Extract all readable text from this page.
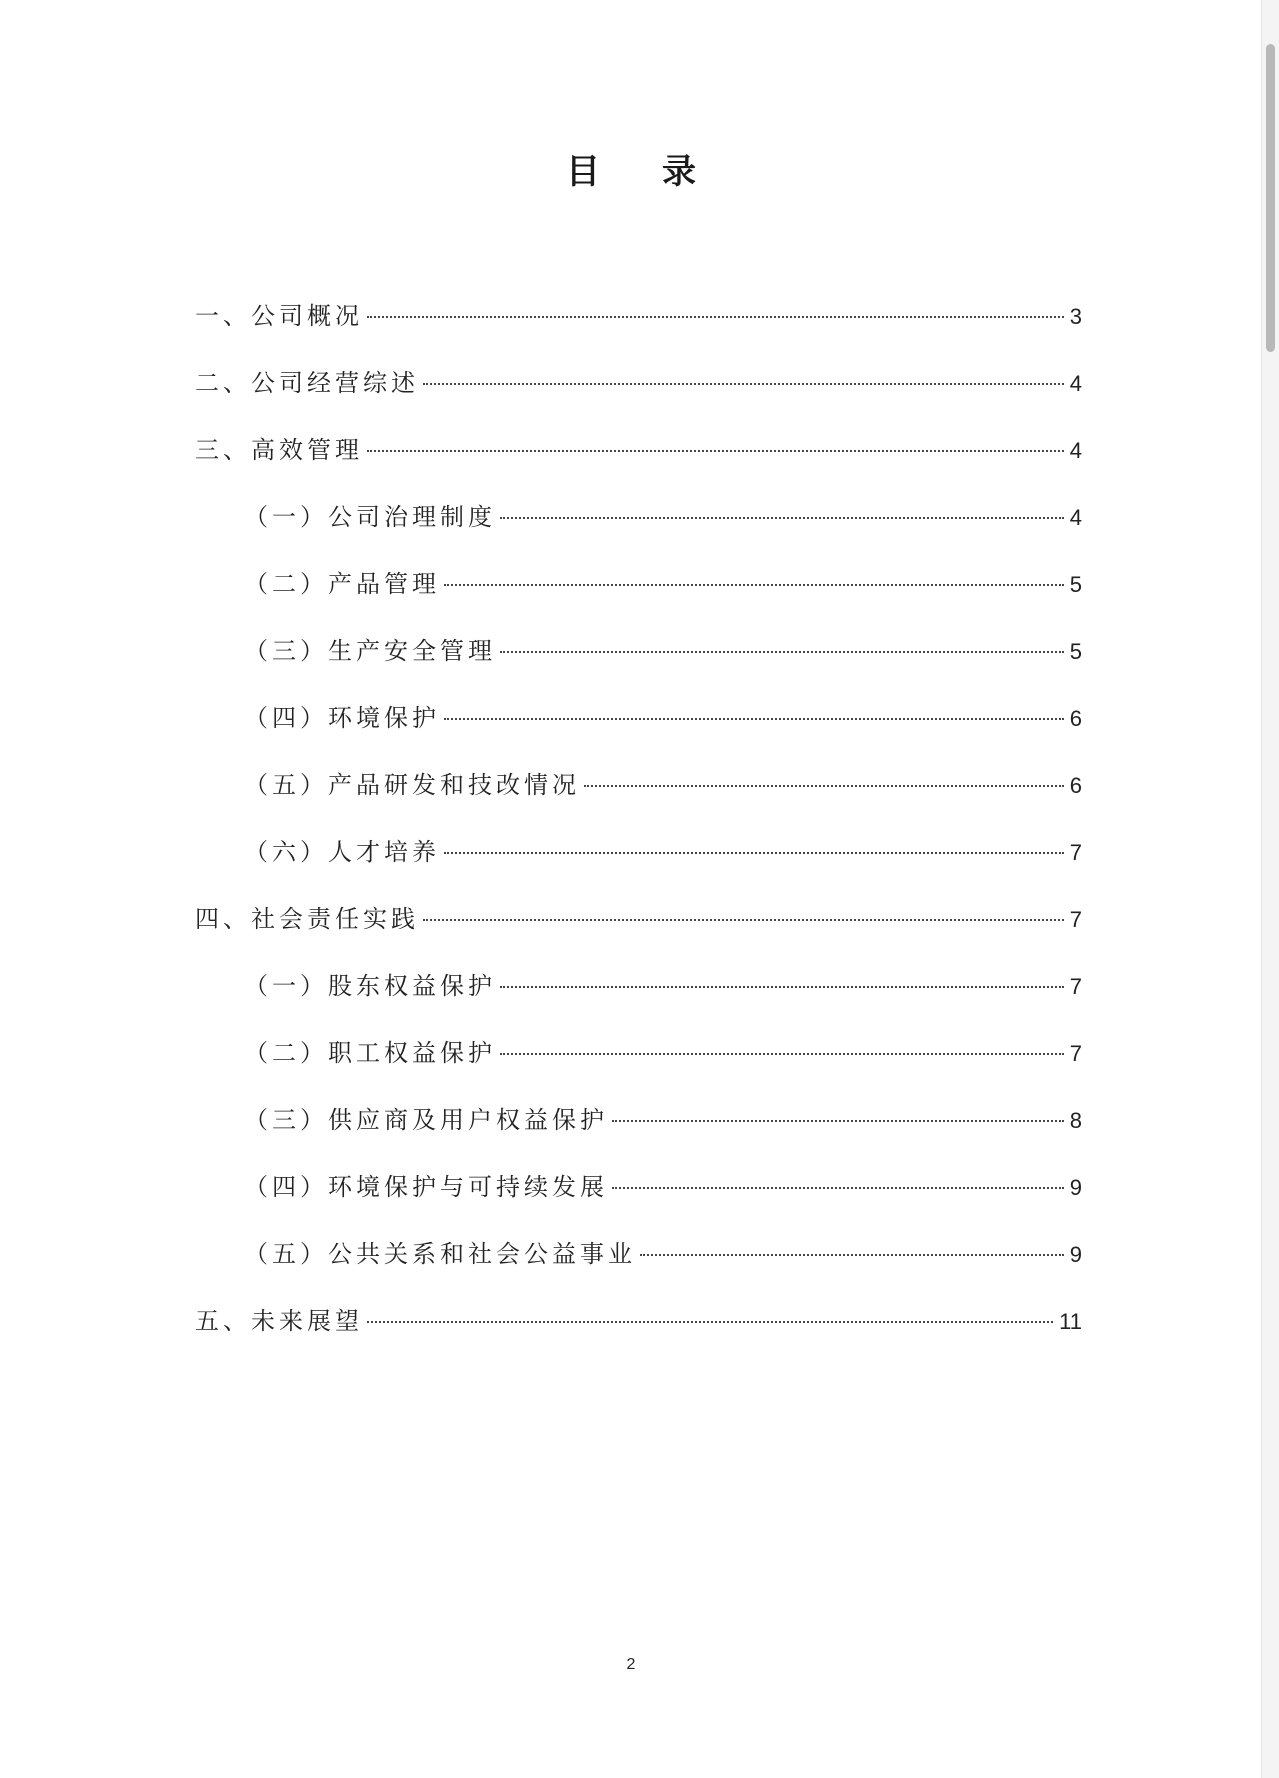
目 录
一、公司概况	3
二、公司经营综述	4
三、高效管理	4
（一）公司治理制度	4
（二）产品管理	5
（三）生产安全管理	5
（四）环境保护	6
（五）产品研发和技改情况	6
（六）人才培养	7
四、社会责任实践	7
（一）股东权益保护	7
（二）职工权益保护	7
（三）供应商及用户权益保护	8
（四）环境保护与可持续发展	9
（五）公共关系和社会公益事业	9
五、未来展望	11
2
